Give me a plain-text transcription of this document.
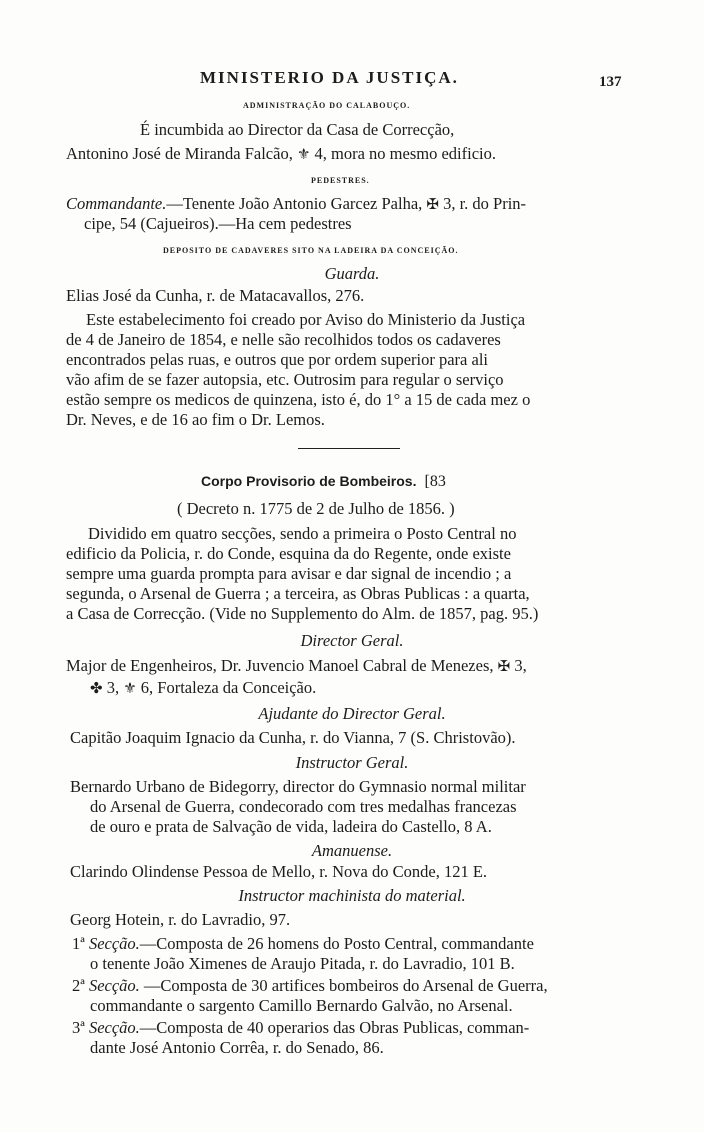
MINISTERIO DA JUSTIÇA.	137
ADMINISTRAÇÃO DO CALABOUÇO.
É incumbida ao Director da Casa de Correcção,
Antonino José de Miranda Falcão, ⚜ 4, mora no mesmo edificio.
PEDESTRES.
Commandante.—Tenente João Antonio Garcez Palha, ✠ 3, r. do Prin-
cipe, 54 (Cajueiros).—Ha cem pedestres
DEPOSITO DE CADAVERES SITO NA LADEIRA DA CONCEIÇÃO.
Guarda.
Elias José da Cunha, r. de Matacavallos, 276.
Este estabelecimento foi creado por Aviso do Ministerio da Justiça
de 4 de Janeiro de 1854, e nelle são recolhidos todos os cadaveres
encontrados pelas ruas, e outros que por ordem superior para ali
vão afim de se fazer autopsia, etc. Outrosim para regular o serviço
estão sempre os medicos de quinzena, isto é, do 1° a 15 de cada mez o
Dr. Neves, e de 16 ao fim o Dr. Lemos.
Corpo Provisorio de Bombeiros. [83
( Decreto n. 1775 de 2 de Julho de 1856. )
Dividido em quatro secções, sendo a primeira o Posto Central no
edificio da Policia, r. do Conde, esquina da do Regente, onde existe
sempre uma guarda prompta para avisar e dar signal de incendio ; a
segunda, o Arsenal de Guerra ; a terceira, as Obras Publicas : a quarta,
a Casa de Correcção. (Vide no Supplemento do Alm. de 1857, pag. 95.)
Director Geral.
Major de Engenheiros, Dr. Juvencio Manoel Cabral de Menezes, ✠ 3,
✤ 3, ⚜ 6, Fortaleza da Conceição.
Ajudante do Director Geral.
Capitão Joaquim Ignacio da Cunha, r. do Vianna, 7 (S. Christovão).
Instructor Geral.
Bernardo Urbano de Bidegorry, director do Gymnasio normal militar
do Arsenal de Guerra, condecorado com tres medalhas francezas
de ouro e prata de Salvação de vida, ladeira do Castello, 8 A.
Amanuense.
Clarindo Olindense Pessoa de Mello, r. Nova do Conde, 121 E.
Instructor machinista do material.
Georg Hotein, r. do Lavradio, 97.
1ª Secção.—Composta de 26 homens do Posto Central, commandante
o tenente João Ximenes de Araujo Pitada, r. do Lavradio, 101 B.
2ª Secção. —Composta de 30 artifices bombeiros do Arsenal de Guerra,
commandante o sargento Camillo Bernardo Galvão, no Arsenal.
3ª Secção.—Composta de 40 operarios das Obras Publicas, comman-
dante José Antonio Corrêa, r. do Senado, 86.
